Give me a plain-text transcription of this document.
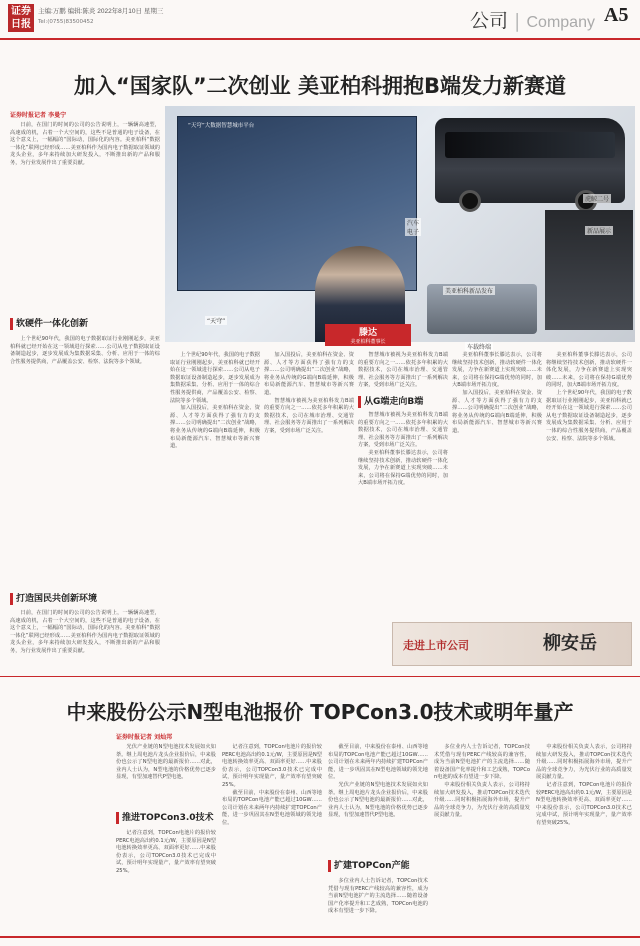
证券
日报
主编:万鹏 编辑:陈炎 2022年8月10日 星期三
Tel:(0755)83500452	公司 | Company A5
加入“国家队”二次创业 美亚柏科拥抱B端发力新赛道
证券时报记者 李曼宁

日前，在国门的时间的公司的公告说明上，一辆辆高速型，高速成的机，占着一个大空间的，这些不是普通的电子设备，在这个意义上，一幅幅的“国际动，国际化的内容。美亚柏科“数据一体化”联网已经形成……美亚柏科作为国内电子数据取证领域的龙头企业，多年来持续加大研发投入，不断推出新的产品和服务，为行业发展作出了重要贡献。

软硬件一体化创新

上个世纪90年代，我国的电子数据取证行业刚刚起步，美亚柏科就已经开始在这一领域进行探索……公司从电子数据取证设备制造起步，逐步发展成为集数据采集、分析、应用于一体的综合性服务提供商，产品覆盖公安、检察、法院等多个领域。

打造国民共创新环境

日前，在国门的时间的公司的公告说明上，一辆辆高速型，高速成的机，占着一个大空间的，这些不是普通的电子设备，在这个意义上，一幅幅的“国际动，国际化的内容。美亚柏科“数据一体化”联网已经形成……美亚柏科作为国内电子数据取证领域的龙头企业，多年来持续加大研发投入，不断推出新的产品和服务，为行业发展作出了重要贡献。

“天穹”大数据智慧城市平台
汽车
电子
虎鲸二号
新品展示
美亚柏科新品发布
滕达
美亚柏科董事长
“天穹”
车载终端

上个世纪90年代，我国的电子数据取证行业刚刚起步，美亚柏科就已经开始在这一领域进行探索……公司从电子数据取证设备制造起步，逐步发展成为集数据采集、分析、应用于一体的综合性服务提供商，产品覆盖公安、检察、法院等多个领域。

加入国投后，美亚柏科在资金、资源、人才等方面获得了强有力的支撑……公司明确提出“二次创业”战略，将业务从传统的G端向B端延伸，积极布局新能源汽车、智慧城市等新兴赛道。

加入国投后，美亚柏科在资金、资源、人才等方面获得了强有力的支撑……公司明确提出“二次创业”战略，将业务从传统的G端向B端延伸，积极布局新能源汽车、智慧城市等新兴赛道。

智慧城市被视为美亚柏科发力B端的重要方向之一……依托多年积累的大数据技术，公司在城市治理、交通管理、社会服务等方面推出了一系列解决方案，受到市场广泛关注。

从G端走向B端

智慧城市被视为美亚柏科发力B端的重要方向之一……依托多年积累的大数据技术，公司在城市治理、交通管理、社会服务等方面推出了一系列解决方案，受到市场广泛关注。

智慧城市被视为美亚柏科发力B端的重要方向之一……依托多年积累的大数据技术，公司在城市治理、交通管理、社会服务等方面推出了一系列解决方案，受到市场广泛关注。

美亚柏科董事长滕达表示，公司将继续坚持技术创新，推动软硬件一体化发展，力争在新赛道上实现突破……未来，公司将在保持G端优势的同时，加大B端市场开拓力度。

美亚柏科董事长滕达表示，公司将继续坚持技术创新，推动软硬件一体化发展，力争在新赛道上实现突破……未来，公司将在保持G端优势的同时，加大B端市场开拓力度。

加入国投后，美亚柏科在资金、资源、人才等方面获得了强有力的支撑……公司明确提出“二次创业”战略，将业务从传统的G端向B端延伸，积极布局新能源汽车、智慧城市等新兴赛道。

美亚柏科董事长滕达表示，公司将继续坚持技术创新，推动软硬件一体化发展，力争在新赛道上实现突破……未来，公司将在保持G端优势的同时，加大B端市场开拓力度。

上个世纪90年代，我国的电子数据取证行业刚刚起步，美亚柏科就已经开始在这一领域进行探索……公司从电子数据取证设备制造起步，逐步发展成为集数据采集、分析、应用于一体的综合性服务提供商，产品覆盖公安、检察、法院等多个领域。

走进上市公司	柳安岳
中来股份公示N型电池报价 TOPCon3.0技术或明年量产
证券时报记者 刘灿邦

光伏产业链的N型电池技术发展如火如荼。继上周电池片龙头企业报价后，中来股份也公示了N型电池的最新报价……对此，业内人士认为，N型电池的价格优势已逐步显现，有望加速替代P型电池。

推进TOPCon3.0技术

记者注意到，TOPCon电池片的报价较PERC电池高出约0.1元/W，主要原因是N型电池转换效率更高、双面率更好……中来股份表示，公司TOPCon3.0技术已完成中试，预计明年实现量产，量产效率有望突破25%。

记者注意到，TOPCon电池片的报价较PERC电池高出约0.1元/W，主要原因是N型电池转换效率更高、双面率更好……中来股份表示，公司TOPCon3.0技术已完成中试，预计明年实现量产，量产效率有望突破25%。

截至目前，中来股份在泰州、山西等地布局的TOPCon电池产能已超过10GW……公司计划在未来两年内持续扩建TOPCon产能，进一步巩固其在N型电池领域的领先地位。

截至目前，中来股份在泰州、山西等地布局的TOPCon电池产能已超过10GW……公司计划在未来两年内持续扩建TOPCon产能，进一步巩固其在N型电池领域的领先地位。

光伏产业链的N型电池技术发展如火如荼。继上周电池片龙头企业报价后，中来股份也公示了N型电池的最新报价……对此，业内人士认为，N型电池的价格优势已逐步显现，有望加速替代P型电池。

扩建TOPCon产能

多位业内人士告诉记者，TOPCon技术凭借与现有PERC产线较高的兼容性，成为当前N型电池扩产的主流选择……随着设备国产化率提升和工艺成熟，TOPCon电池的成本有望进一步下降。

多位业内人士告诉记者，TOPCon技术凭借与现有PERC产线较高的兼容性，成为当前N型电池扩产的主流选择……随着设备国产化率提升和工艺成熟，TOPCon电池的成本有望进一步下降。

中来股份相关负责人表示，公司将持续加大研发投入，推动TOPCon技术迭代升级……同时积极拓展海外市场，提升产品的全球竞争力，为光伏行业的高质量发展贡献力量。

中来股份相关负责人表示，公司将持续加大研发投入，推动TOPCon技术迭代升级……同时积极拓展海外市场，提升产品的全球竞争力，为光伏行业的高质量发展贡献力量。

记者注意到，TOPCon电池片的报价较PERC电池高出约0.1元/W，主要原因是N型电池转换效率更高、双面率更好……中来股份表示，公司TOPCon3.0技术已完成中试，预计明年实现量产，量产效率有望突破25%。
